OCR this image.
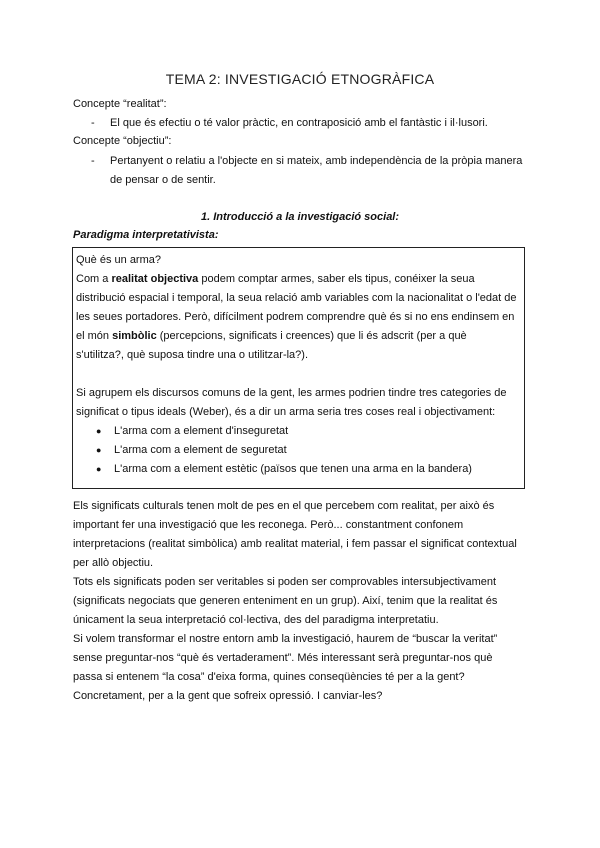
TEMA 2: INVESTIGACIÓ ETNOGRÀFICA
Concepte “realitat”:
- El que és efectiu o té valor pràctic, en contraposició amb el fantàstic i il·lusori.
Concepte “objectiu”:
- Pertanyent o relatiu a l'objecte en si mateix, amb independència de la pròpia manera
de pensar o de sentir.
1. Introducció a la investigació social:
Paradigma interpretativista:
Què és un arma?
Com a realitat objectiva podem comptar armes, saber els tipus, conéixer la seua
distribució espacial i temporal, la seua relació amb variables com la nacionalitat o l'edat de
les seues portadores. Però, difícilment podrem comprendre què és si no ens endinsem en
el món simbòlic (percepcions, significats i creences) que li és adscrit (per a què
s'utilitza?, què suposa tindre una o utilitzar-la?).
Si agrupem els discursos comuns de la gent, les armes podrien tindre tres categories de
significat o tipus ideals (Weber), és a dir un arma seria tres coses real i objectivament:
● L'arma com a element d'inseguretat
● L'arma com a element de seguretat
● L'arma com a element estètic (països que tenen una arma en la bandera)
Els significats culturals tenen molt de pes en el que percebem com realitat, per això és
important fer una investigació que les reconega. Però... constantment confonem
interpretacions (realitat simbòlica) amb realitat material, i fem passar el significat contextual
per allò objectiu.
Tots els significats poden ser veritables si poden ser comprovables intersubjectivament
(significats negociats que generen enteniment en un grup). Així, tenim que la realitat és
únicament la seua interpretació col·lectiva, des del paradigma interpretatiu.
Si volem transformar el nostre entorn amb la investigació, haurem de “buscar la veritat”
sense preguntar-nos “què és vertaderament”. Més interessant serà preguntar-nos què
passa si entenem “la cosa” d'eixa forma, quines conseqüències té per a la gent?
Concretament, per a la gent que sofreix opressió. I canviar-les?
